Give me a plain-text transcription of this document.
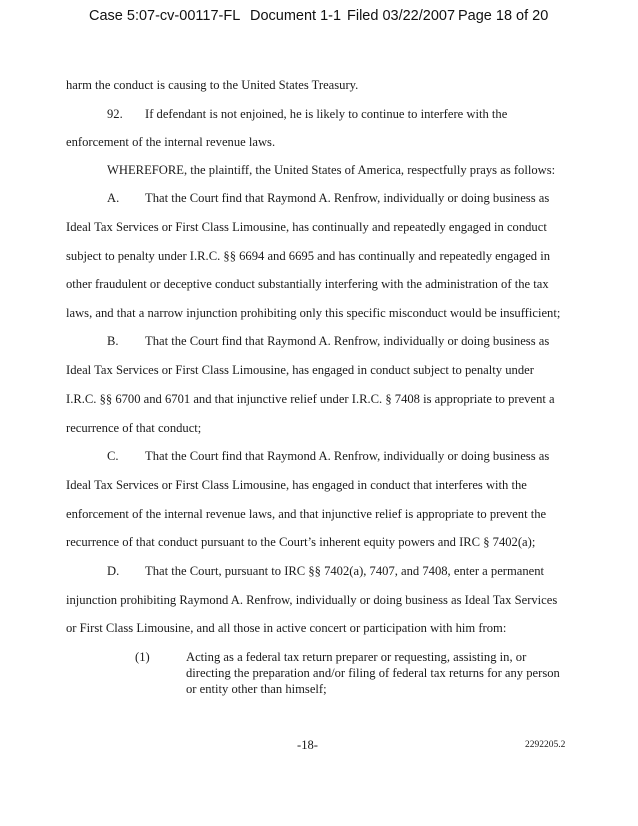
Case 5:07-cv-00117-FL Document 1-1 Filed 03/22/2007 Page 18 of 20
harm the conduct is causing to the United States Treasury.
92. If defendant is not enjoined, he is likely to continue to interfere with the
enforcement of the internal revenue laws.
WHEREFORE, the plaintiff, the United States of America, respectfully prays as follows:
A. That the Court find that Raymond A. Renfrow, individually or doing business as
Ideal Tax Services or First Class Limousine, has continually and repeatedly engaged in conduct
subject to penalty under I.R.C. §§ 6694 and 6695 and has continually and repeatedly engaged in
other fraudulent or deceptive conduct substantially interfering with the administration of the tax
laws, and that a narrow injunction prohibiting only this specific misconduct would be insufficient;
B. That the Court find that Raymond A. Renfrow, individually or doing business as
Ideal Tax Services or First Class Limousine, has engaged in conduct subject to penalty under
I.R.C. §§ 6700 and 6701 and that injunctive relief under I.R.C. § 7408 is appropriate to prevent a
recurrence of that conduct;
C. That the Court find that Raymond A. Renfrow, individually or doing business as
Ideal Tax Services or First Class Limousine, has engaged in conduct that interferes with the
enforcement of the internal revenue laws, and that injunctive relief is appropriate to prevent the
recurrence of that conduct pursuant to the Court’s inherent equity powers and IRC § 7402(a);
D. That the Court, pursuant to IRC §§ 7402(a), 7407, and 7408, enter a permanent
injunction prohibiting Raymond A. Renfrow, individually or doing business as Ideal Tax Services
or First Class Limousine, and all those in active concert or participation with him from:
(1)	Acting as a federal tax return preparer or requesting, assisting in, or
directing the preparation and/or filing of federal tax returns for any person
or entity other than himself;
-18-	2292205.2
